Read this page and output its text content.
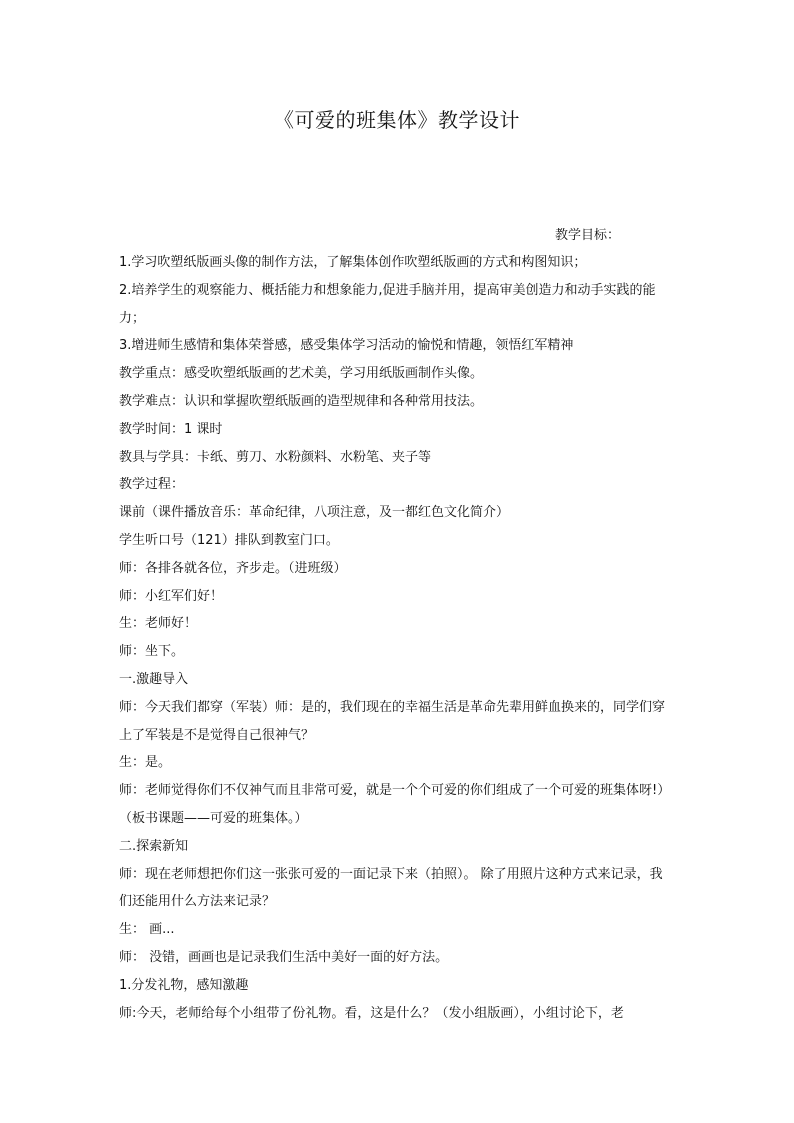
《可爱的班集体》教学设计

教学目标：

1.学习吹塑纸版画头像的制作方法，了解集体创作吹塑纸版画的方式和构图知识；

2.培养学生的观察能力、概括能力和想象能力,促进手脑并用，提高审美创造力和动手实践的能力；

3.增进师生感情和集体荣誉感，感受集体学习活动的愉悦和情趣，领悟红军精神

教学重点：感受吹塑纸版画的艺术美，学习用纸版画制作头像。

教学难点：认识和掌握吹塑纸版画的造型规律和各种常用技法。

教学时间：1 课时

教具与学具：卡纸、剪刀、水粉颜料、水粉笔、夹子等

教学过程：

课前（课件播放音乐：革命纪律，八项注意，及一都红色文化简介）

学生听口号（121）排队到教室门口。

师：各排各就各位，齐步走。（进班级）

师：小红军们好！

生：老师好！

师：坐下。

一.激趣导入

师：今天我们都穿（军装）师：是的，我们现在的幸福生活是革命先辈用鲜血换来的，同学们穿上了军装是不是觉得自己很神气？

生：是。

师：老师觉得你们不仅神气而且非常可爱，就是一个个可爱的你们组成了一个可爱的班集体呀!）（板书课题——可爱的班集体。）

二.探索新知

师：现在老师想把你们这一张张可爱的一面记录下来（拍照）。 除了用照片这种方式来记录，我们还能用什么方法来记录？

生： 画...

师： 没错，画画也是记录我们生活中美好一面的好方法。

1.分发礼物，感知激趣

师:今天，老师给每个小组带了份礼物。看，这是什么？（发小组版画），小组讨论下，老
